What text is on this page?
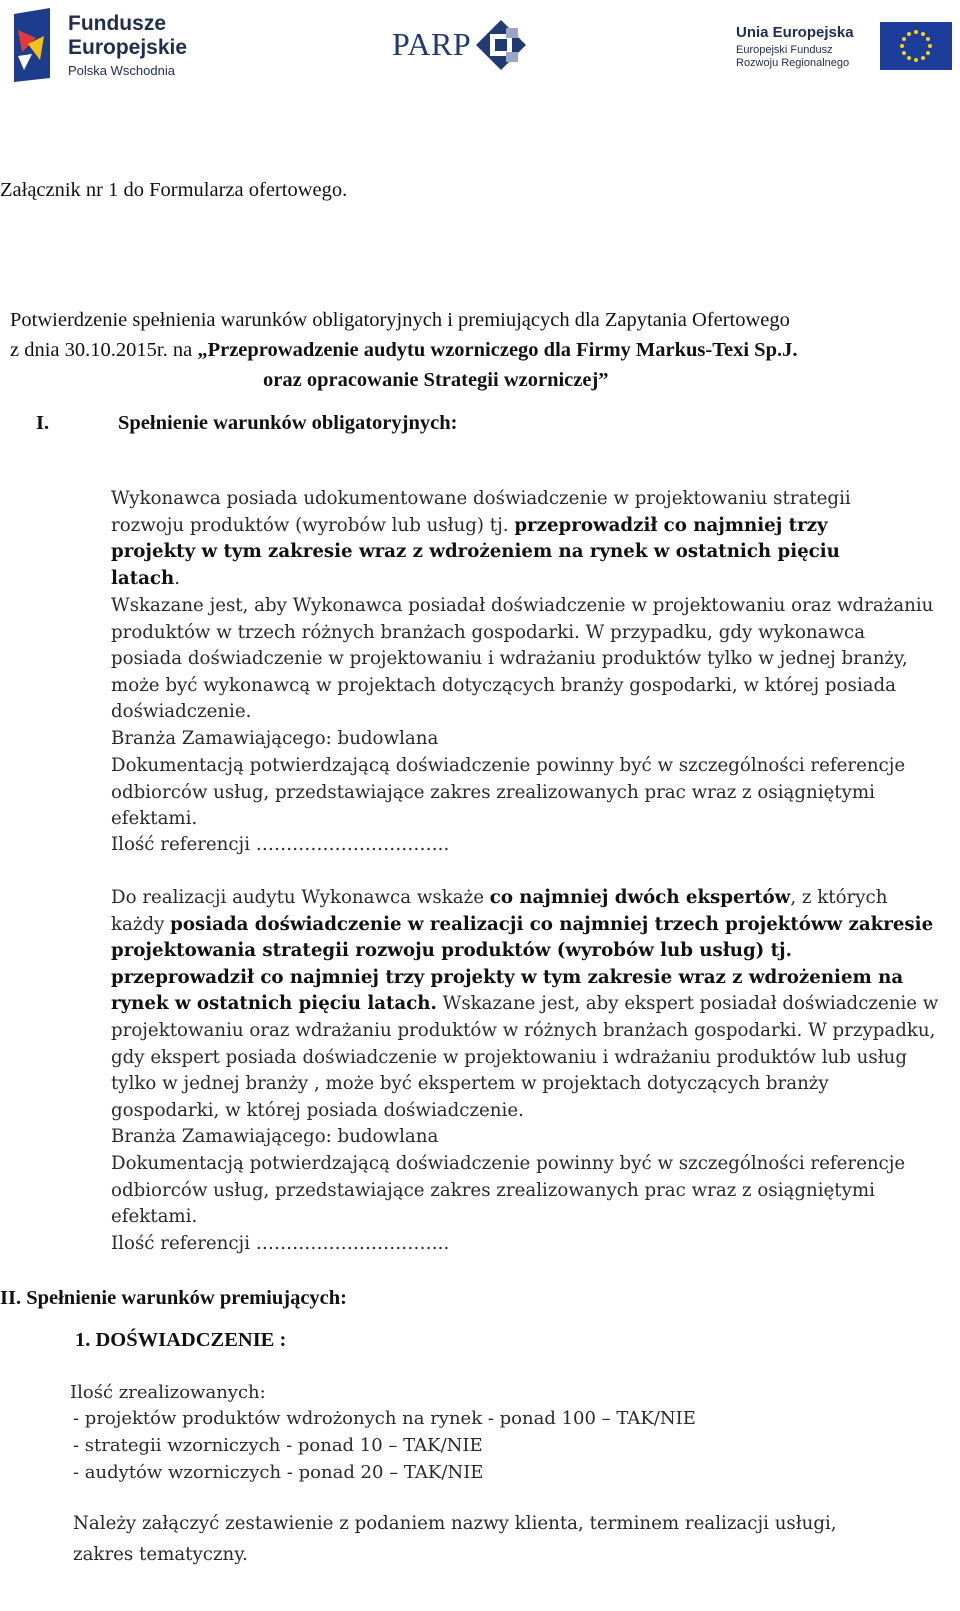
Fundusze
Europejskie
Polska Wschodnia
PARP	Unia Europejska
Europejski Fundusz
Rozwoju Regionalnego
Załącznik nr 1 do Formularza ofertowego.
Potwierdzenie spełnienia warunków obligatoryjnych i premiujących dla Zapytania Ofertowego
z dnia 30.10.2015r. na „Przeprowadzenie audytu wzorniczego dla Firmy Markus-Texi Sp.J.
oraz opracowanie Strategii wzorniczej”
I.	Spełnienie warunków obligatoryjnych:
Wykonawca posiada udokumentowane doświadczenie w projektowaniu strategii rozwoju produktów (wyrobów lub usług) tj. przeprowadził co najmniej trzy projekty w tym zakresie wraz z wdrożeniem na rynek w ostatnich pięciu latach.
Wskazane jest, aby Wykonawca posiadał doświadczenie w projektowaniu oraz wdrażaniu produktów w trzech różnych branżach gospodarki. W przypadku, gdy wykonawca posiada doświadczenie w projektowaniu i wdrażaniu produktów tylko w jednej branży, może być wykonawcą w projektach dotyczących branży gospodarki, w której posiada doświadczenie.
Branża Zamawiającego: budowlana
Dokumentacją potwierdzającą doświadczenie powinny być w szczególności referencje odbiorców usług, przedstawiające zakres zrealizowanych prac wraz z osiągniętymi efektami.
Ilość referencji …………………………..
Do realizacji audytu Wykonawca wskaże co najmniej dwóch ekspertów, z których każdy posiada doświadczenie w realizacji co najmniej trzech projektóww zakresie projektowania strategii rozwoju produktów (wyrobów lub usług) tj. przeprowadził co najmniej trzy projekty w tym zakresie wraz z wdrożeniem na rynek w ostatnich pięciu latach. Wskazane jest, aby ekspert posiadał doświadczenie w projektowaniu oraz wdrażaniu produktów w różnych branżach gospodarki. W przypadku, gdy ekspert posiada doświadczenie w projektowaniu i wdrażaniu produktów lub usług tylko w jednej branży , może być ekspertem w projektach dotyczących branży gospodarki, w której posiada doświadczenie.
Branża Zamawiającego: budowlana
Dokumentacją potwierdzającą doświadczenie powinny być w szczególności referencje odbiorców usług, przedstawiające zakres zrealizowanych prac wraz z osiągniętymi efektami.
Ilość referencji …………………………..
II. Spełnienie warunków premiujących:
1. DOŚWIADCZENIE :
Ilość zrealizowanych:
- projektów produktów wdrożonych na rynek - ponad 100 – TAK/NIE
- strategii wzorniczych - ponad 10 – TAK/NIE
- audytów wzorniczych - ponad 20 – TAK/NIE
Należy załączyć zestawienie z podaniem nazwy klienta, terminem realizacji usługi, zakres tematyczny.
